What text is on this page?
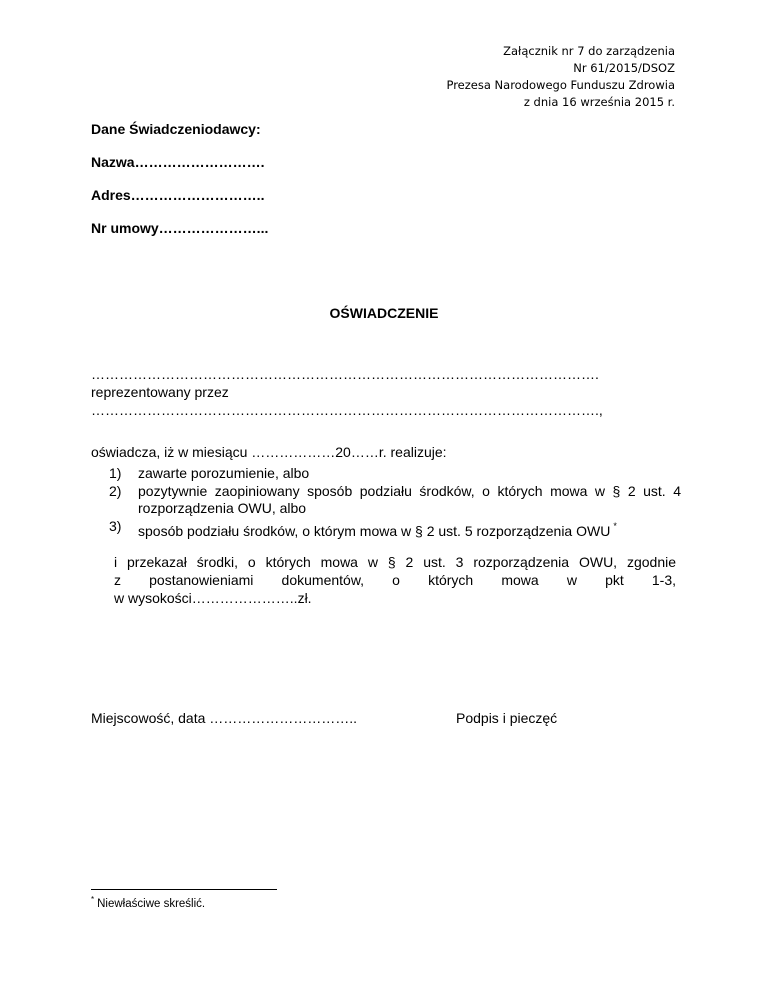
Załącznik nr 7 do zarządzenia
Nr 61/2015/DSOZ
Prezesa Narodowego Funduszu Zdrowia
z dnia 16 września 2015 r.
Dane Świadczeniodawcy:
Nazwa……………………….
Adres………………………..
Nr umowy…………………...
OŚWIADCZENIE
……………………………………………………………………………………………….
reprezentowany przez
……………………………………………………………………………………………….,
oświadcza, iż w miesiącu ………………20……r. realizuje:
1)	zawarte porozumienie, albo
2)	pozytywnie zaopiniowany sposób podziału środków, o których mowa w § 2 ust. 4 rozporządzenia OWU, albo
3)	sposób podziału środków, o którym mowa w § 2 ust. 5 rozporządzenia OWU *
i przekazał środki, o których mowa w § 2 ust. 3 rozporządzenia OWU, zgodnie
z postanowieniami dokumentów, o których mowa w pkt 1-3,
w wysokości…………………..zł.
Miejscowość, data …………………………..	Podpis i pieczęć
* Niewłaściwe skreślić.
